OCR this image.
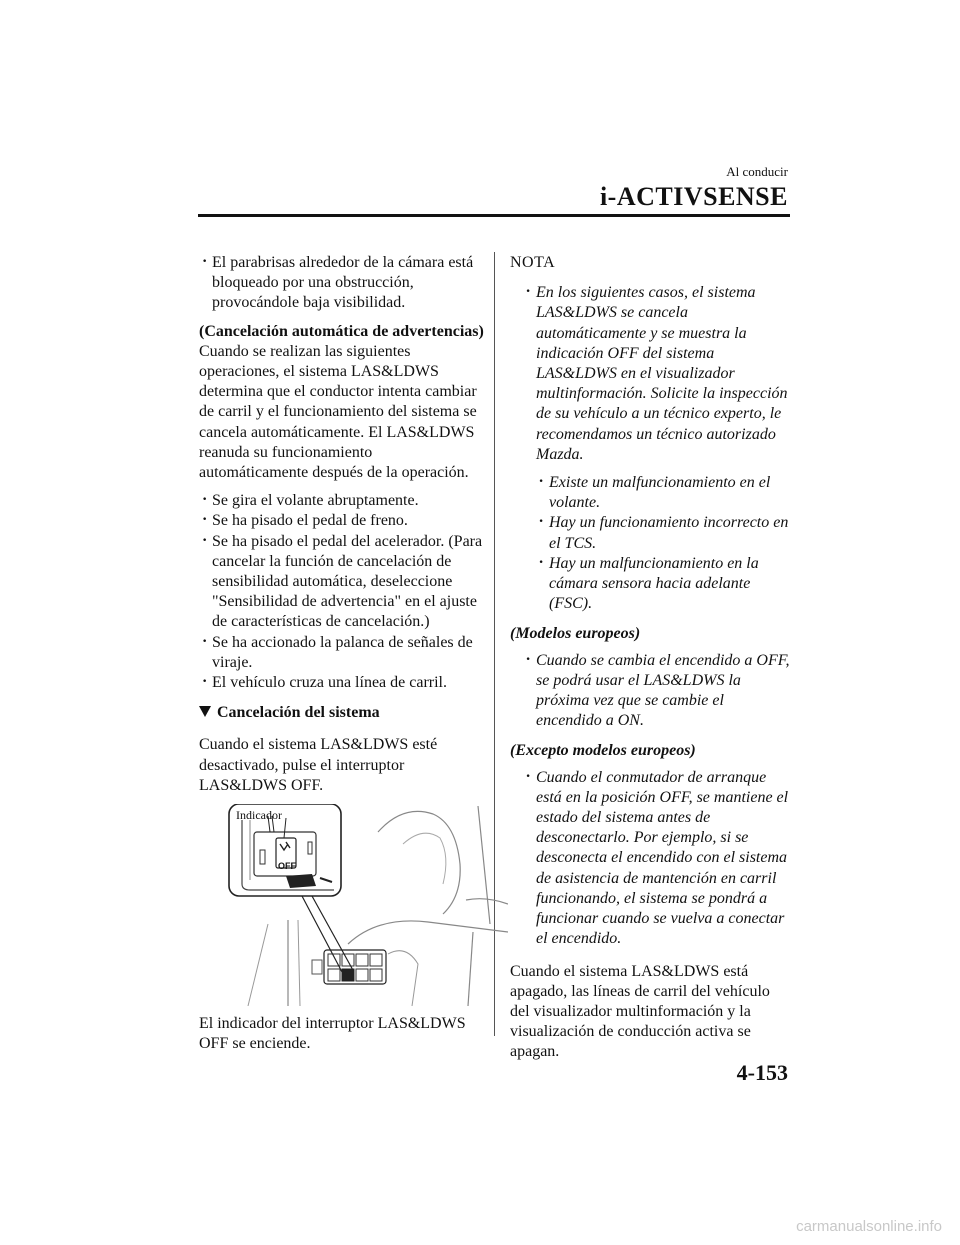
Al conducir
i-ACTIVSENSE
· El parabrisas alrededor de la cámara está bloqueado por una obstrucción, provocándole baja visibilidad.

(Cancelación automática de advertencias)

Cuando se realizan las siguientes operaciones, el sistema LAS&LDWS determina que el conductor intenta cambiar de carril y el funcionamiento del sistema se cancela automáticamente. El LAS&LDWS reanuda su funcionamiento automáticamente después de la operación.

· Se gira el volante abruptamente.
· Se ha pisado el pedal de freno.
· Se ha pisado el pedal del acelerador. (Para cancelar la función de cancelación de sensibilidad automática, deseleccione "Sensibilidad de advertencia" en el ajuste de características de cancelación.)
· Se ha accionado la palanca de señales de viraje.
· El vehículo cruza una línea de carril.

Cancelación del sistema

Cuando el sistema LAS&LDWS esté desactivado, pulse el interruptor LAS&LDWS OFF.

Indicador
OFF

El indicador del interruptor LAS&LDWS OFF se enciende.

NOTA

· En los siguientes casos, el sistema LAS&LDWS se cancela automáticamente y se muestra la indicación OFF del sistema LAS&LDWS en el visualizador multinformación. Solicite la inspección de su vehículo a un técnico experto, le recomendamos un técnico autorizado Mazda.
· Existe un malfuncionamiento en el volante.
· Hay un funcionamiento incorrecto en el TCS.
· Hay un malfuncionamiento en la cámara sensora hacia adelante (FSC).

(Modelos europeos)

· Cuando se cambia el encendido a OFF, se podrá usar el LAS&LDWS la próxima vez que se cambie el encendido a ON.

(Excepto modelos europeos)

· Cuando el conmutador de arranque está en la posición OFF, se mantiene el estado del sistema antes de desconectarlo. Por ejemplo, si se desconecta el encendido con el sistema de asistencia de mantención en carril funcionando, el sistema se pondrá a funcionar cuando se vuelva a conectar el encendido.

Cuando el sistema LAS&LDWS está apagado, las líneas de carril del vehículo del visualizador multinformación y la visualización de conducción activa se apagan.

4-153
carmanualsonline.info
